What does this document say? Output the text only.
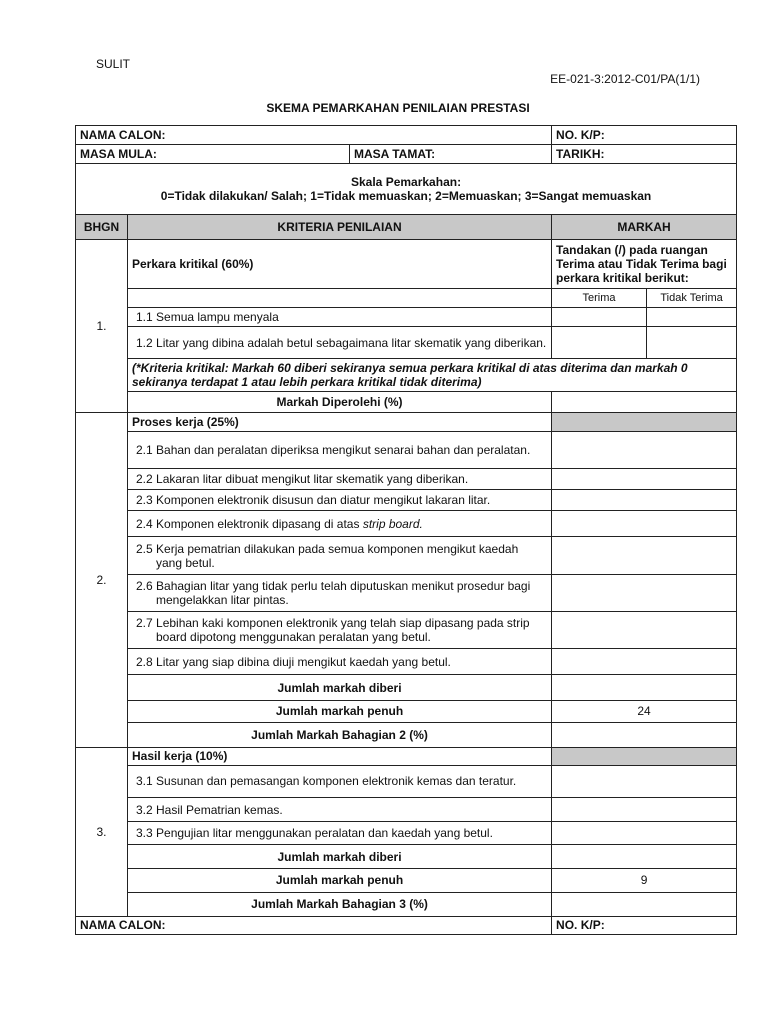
SULIT
EE-021-3:2012-C01/PA(1/1)
SKEMA PEMARKAHAN PENILAIAN PRESTASI
NAMA CALON:			NO. K/P:	
MASA MULA:		MASA TAMAT:	TARIKH:	

Skala Pemarkahan:
0=Tidak dilakukan/ Salah; 1=Tidak memuaskan; 2=Memuaskan; 3=Sangat memuaskan				

BHGN	KRITERIA PENILAIAN		MARKAH	
1.	Perkara kritikal (60%)		Tandakan (/) pada ruangan Terima atau Tidak Terima bagi perkara kritikal berikut:	
			Terima	Tidak Terima
	1.1 Semua lampu menyala			
	1.2 Litar yang dibina adalah betul sebagaimana litar skematik yang diberikan.			
	(*Kriteria kritikal: Markah 60 diberi sekiranya semua perkara kritikal di atas diterima dan markah 0 sekiranya terdapat 1 atau lebih perkara kritikal tidak diterima)			
	Markah Diperolehi (%)			
2.	Proses kerja (25%)			
	2.1 Bahan dan peralatan diperiksa mengikut senarai bahan dan peralatan.			
	2.2 Lakaran litar dibuat mengikut litar skematik yang diberikan.			
	2.3 Komponen elektronik disusun dan diatur mengikut lakaran litar.			
	2.4 Komponen elektronik dipasang di atas strip board.			
	2.5 Kerja pematrian dilakukan pada semua komponen mengikut kaedah yang betul.			
	2.6 Bahagian litar yang tidak perlu telah diputuskan menikut prosedur bagi mengelakkan litar pintas.			
	2.7 Lebihan kaki komponen elektronik yang telah siap dipasang pada strip board dipotong menggunakan peralatan yang betul.			
	2.8 Litar yang siap dibina diuji mengikut kaedah yang betul.			
	Jumlah markah diberi			
	Jumlah markah penuh		24	
	Jumlah Markah Bahagian 2 (%)			
3.	Hasil kerja (10%)			
	3.1 Susunan dan pemasangan komponen elektronik kemas dan teratur.			
	3.2 Hasil Pematrian kemas.			
	3.3 Pengujian litar menggunakan peralatan dan kaedah yang betul.			
	Jumlah markah diberi			
	Jumlah markah penuh		9	
	Jumlah Markah Bahagian 3 (%)			
NAMA CALON:			NO. K/P:	
